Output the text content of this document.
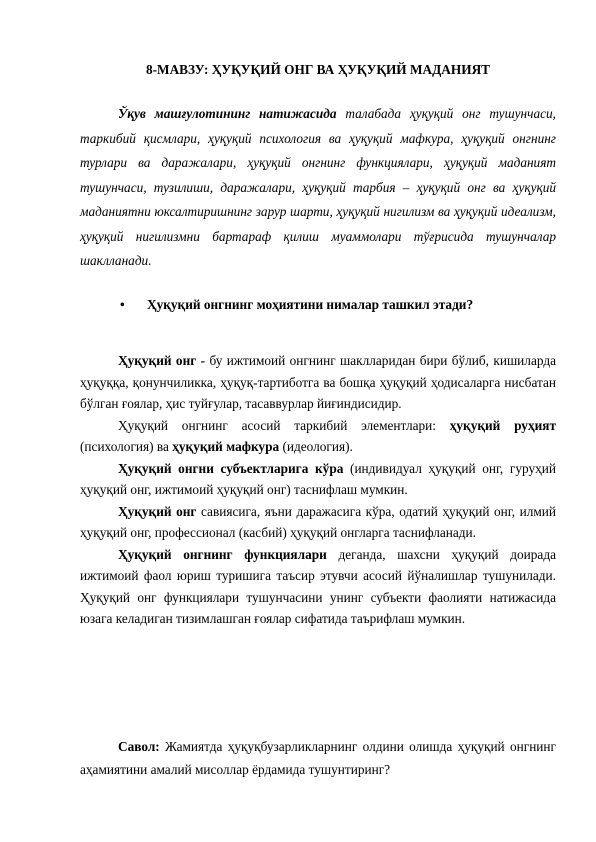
8-МАВЗУ: ҲУҚУҚИЙ ОНГ ВА ҲУҚУҚИЙ МАДАНИЯТ

Ўқув машғулотининг натижасида талабада ҳуқуқий онг тушунчаси, таркибий қисмлари, ҳуқуқий психология ва ҳуқуқий мафкура, ҳуқуқий онгнинг турлари ва даражалари, ҳуқуқий онгнинг функциялари, ҳуқуқий маданият тушунчаси, тузилиши, даражалари, ҳуқуқий тарбия – ҳуқуқий онг ва ҳуқуқий маданиятни юксалтиришнинг зарур шарти, ҳуқуқий нигилизм ва ҳуқуқий идеализм, ҳуқуқий нигилизмни бартараф қилиш муаммолари тўғрисида тушунчалар шаклланади.

• Ҳуқуқий онгнинг моҳиятини нималар ташкил этади?

Ҳуқуқий онг - бу ижтимоий онгнинг шаклларидан бири бўлиб, кишиларда ҳуқуққа, қонунчиликка, ҳуқуқ-тартиботга ва бошқа ҳуқуқий ҳодисаларга нисбатан бўлган ғоялар, ҳис туйғулар, тасаввурлар йиғиндисидир.

Ҳуқуқий онгнинг асосий таркибий элементлари: ҳуқуқий руҳият (психология) ва ҳуқуқий мафкура (идеология).

Ҳуқуқий онгни субъектларига кўра (индивидуал ҳуқуқий онг, гуруҳий ҳуқуқий онг, ижтимоий ҳуқуқий онг) таснифлаш мумкин.

Ҳуқуқий онг савиясига, яъни даражасига кўра, одатий ҳуқуқий онг, илмий ҳуқуқий онг, профессионал (касбий) ҳуқуқий онгларга таснифланади.

Ҳуқуқий онгнинг функциялари деганда, шахсни ҳуқуқий доирада ижтимоий фаол юриш туришига таъсир этувчи асосий йўналишлар тушунилади. Ҳуқуқий онг функциялари тушунчасини унинг субъекти фаолияти натижасида юзага келадиган тизимлашган ғоялар сифатида таърифлаш мумкин.

Савол: Жамиятда ҳуқуқбузарликларнинг олдини олишда ҳуқуқий онгнинг аҳамиятини амалий мисоллар ёрдамида тушунтиринг?
